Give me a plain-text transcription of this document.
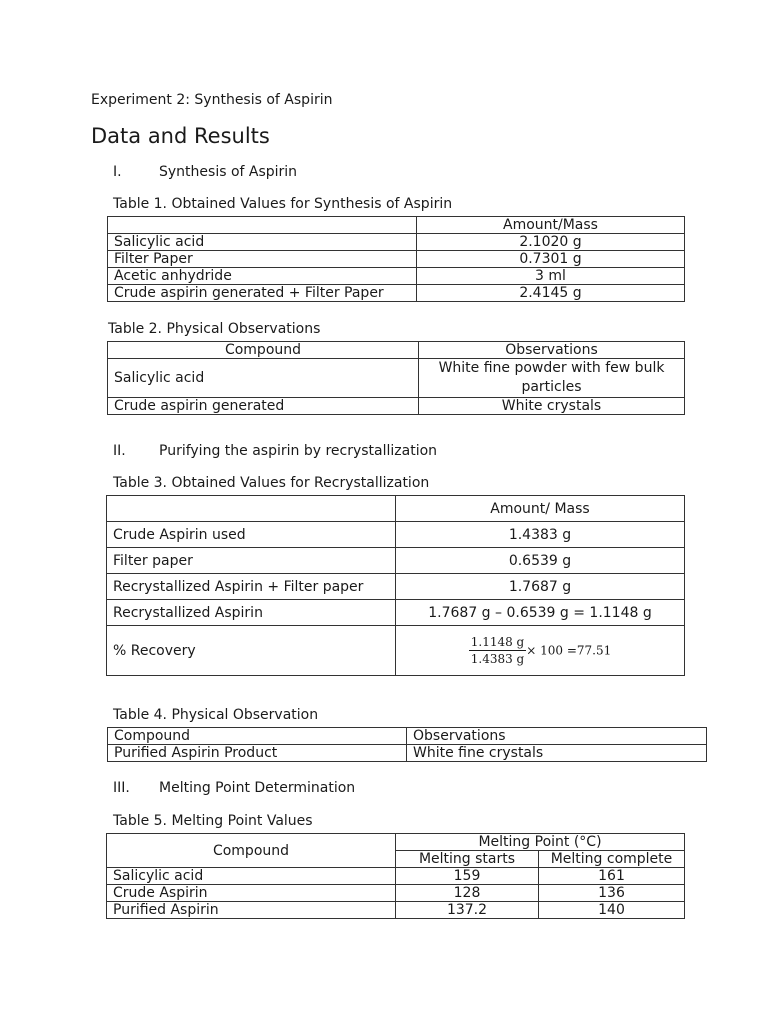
Experiment 2: Synthesis of Aspirin
Data and Results
I.	Synthesis of Aspirin
Table 1. Obtained Values for Synthesis of Aspirin
	Amount/Mass
Salicylic acid	2.1020 g
Filter Paper	0.7301 g
Acetic anhydride	3 ml
Crude aspirin generated + Filter Paper	2.4145 g
Table 2. Physical Observations
Compound	Observations
Salicylic acid	White fine powder with few bulk particles
Crude aspirin generated	White crystals
II. Purifying the aspirin by recrystallization
Table 3. Obtained Values for Recrystallization
	Amount/ Mass
Crude Aspirin used	1.4383 g
Filter paper	0.6539 g
Recrystallized Aspirin + Filter paper	1.7687 g
Recrystallized Aspirin	1.7687 g – 0.6539 g = 1.1148 g
% Recovery	$\frac{1.1148 g}{1.4383 g} \times 100 =77.51$
Table 4. Physical Observation
Compound	Observations
Purified Aspirin Product	White fine crystals
III. Melting Point Determination
Table 5. Melting Point Values
Compound	Melting Point (°C)	
	Melting starts	Melting complete
Salicylic acid	159	161
Crude Aspirin	128	136
Purified Aspirin	137.2	140
